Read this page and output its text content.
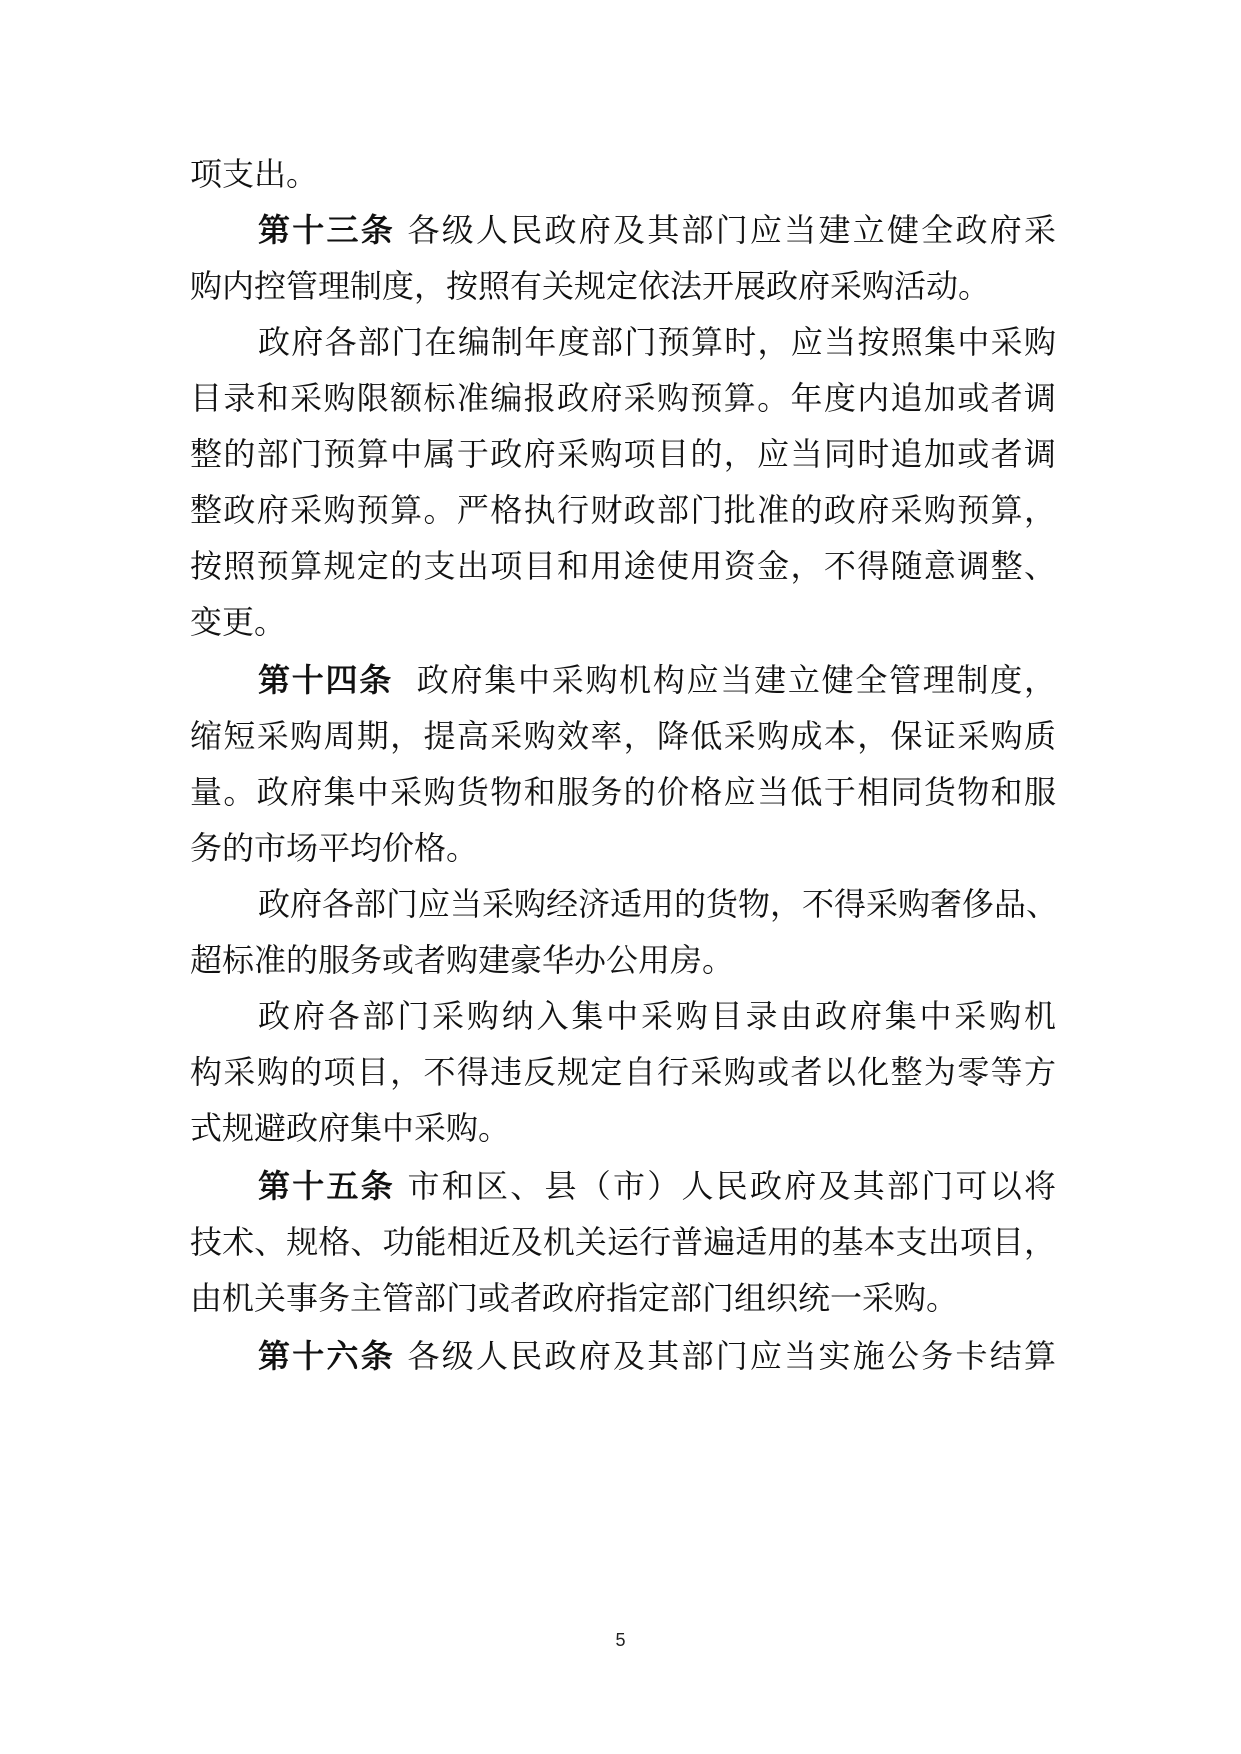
项支出。
第十三条 各级人民政府及其部门应当建立健全政府采
购内控管理制度，按照有关规定依法开展政府采购活动。
政府各部门在编制年度部门预算时，应当按照集中采购
目录和采购限额标准编报政府采购预算。年度内追加或者调
整的部门预算中属于政府采购项目的，应当同时追加或者调
整政府采购预算。严格执行财政部门批准的政府采购预算，
按照预算规定的支出项目和用途使用资金，不得随意调整、
变更。
第十四条 政府集中采购机构应当建立健全管理制度，
缩短采购周期，提高采购效率，降低采购成本，保证采购质
量。政府集中采购货物和服务的价格应当低于相同货物和服
务的市场平均价格。
政府各部门应当采购经济适用的货物，不得采购奢侈品、
超标准的服务或者购建豪华办公用房。
政府各部门采购纳入集中采购目录由政府集中采购机
构采购的项目，不得违反规定自行采购或者以化整为零等方
式规避政府集中采购。
第十五条 市和区、县（市）人民政府及其部门可以将
技术、规格、功能相近及机关运行普遍适用的基本支出项目，
由机关事务主管部门或者政府指定部门组织统一采购。
第十六条 各级人民政府及其部门应当实施公务卡结算
5
